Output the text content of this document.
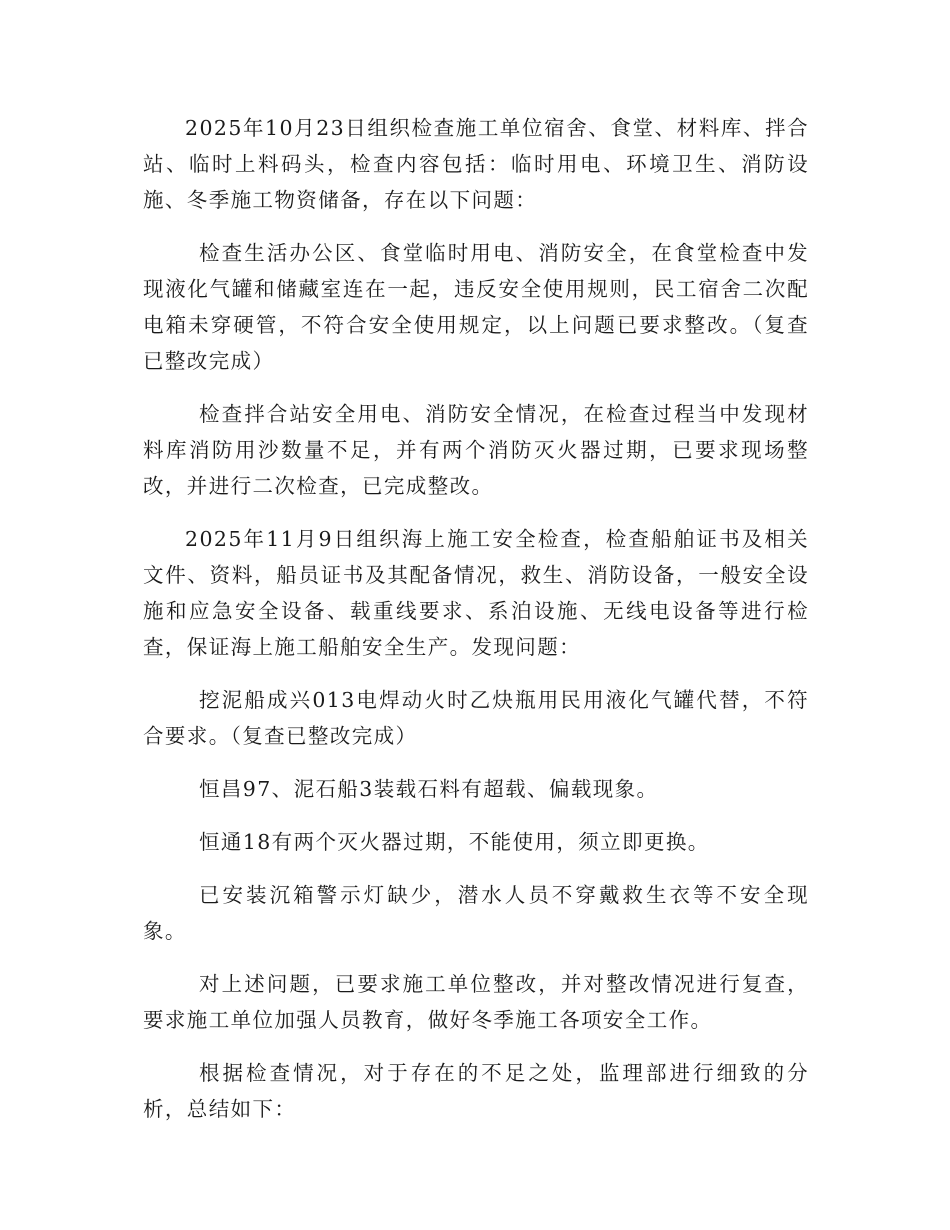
2025年10月23日组织检查施工单位宿舍、食堂、材料库、拌合站、临时上料码头，检查内容包括：临时用电、环境卫生、消防设施、冬季施工物资储备，存在以下问题：

检查生活办公区、食堂临时用电、消防安全，在食堂检查中发现液化气罐和储藏室连在一起，违反安全使用规则，民工宿舍二次配电箱未穿硬管，不符合安全使用规定，以上问题已要求整改。（复查已整改完成）

检查拌合站安全用电、消防安全情况，在检查过程当中发现材料库消防用沙数量不足，并有两个消防灭火器过期，已要求现场整改，并进行二次检查，已完成整改。

2025年11月9日组织海上施工安全检查，检查船舶证书及相关文件、资料，船员证书及其配备情况，救生、消防设备，一般安全设施和应急安全设备、载重线要求、系泊设施、无线电设备等进行检查，保证海上施工船舶安全生产。发现问题：

挖泥船成兴013电焊动火时乙炔瓶用民用液化气罐代替，不符合要求。（复查已整改完成）

恒昌97、泥石船3装载石料有超载、偏载现象。

恒通18有两个灭火器过期，不能使用，须立即更换。

已安装沉箱警示灯缺少，潜水人员不穿戴救生衣等不安全现象。

对上述问题，已要求施工单位整改，并对整改情况进行复查，要求施工单位加强人员教育，做好冬季施工各项安全工作。

根据检查情况，对于存在的不足之处，监理部进行细致的分析，总结如下：
